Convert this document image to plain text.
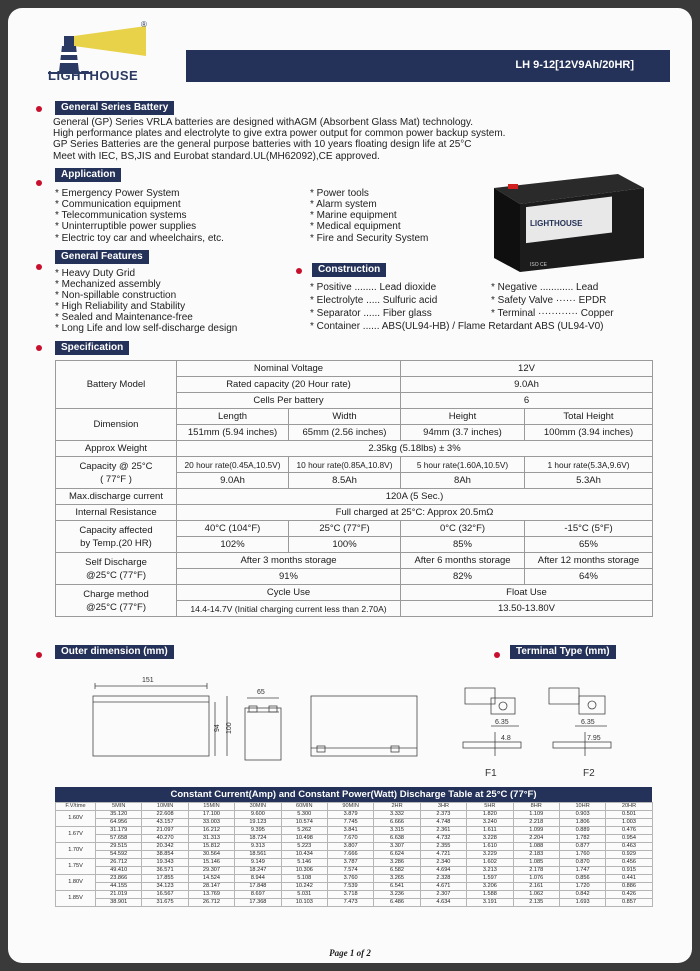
®
LIGHTHOUSE
LH 9-12[12V9Ah/20HR]
General Series Battery
General (GP) Series VRLA batteries are designed withAGM (Absorbent Glass Mat) technology.
High performance plates and electrolyte to give extra power output for common power backup system.
GP Series Batteries are the general purpose batteries with 10 years floating design life at 25°C
Meet with IEC, BS,JIS and Eurobat standard.UL(MH62092),CE approved.
Application
* Emergency Power System
* Communication equipment
* Telecommunication systems
* Uninterruptible power supplies
* Electric toy car and wheelchairs, etc.
* Power tools
* Alarm system
* Marine equipment
* Medical equipment
* Fire and Security System
LIGHTHOUSE
ISO CE
General Features
* Heavy Duty Grid
* Mechanized assembly
* Non-spillable construction
* High Reliability and Stability
* Sealed and Maintenance-free
* Long Life and low self-discharge design
Construction
* Positive ........ Lead dioxide
* Electrolyte ..... Sulfuric acid
* Separator ...... Fiber glass
* Negative ............ Lead
* Safety Valve ······ EPDR
* Terminal ············ Copper
* Container ...... ABS(UL94-HB) / Flame Retardant ABS (UL94-V0)
Specification
Battery Model	Nominal Voltage		12V	
	Rated capacity (20 Hour rate)		9.0Ah	
	Cells Per battery		6	
Dimension	Length	Width	Height	Total Height
	151mm (5.94 inches)	65mm (2.56 inches)	94mm (3.7 inches)	100mm (3.94 inches)
Approx Weight	2.35kg (5.18lbs) ± 3%			

Capacity @ 25°C
( 77°F )	20 hour rate(0.45A,10.5V)	10 hour rate(0.85A,10.8V)	5 hour rate(1.60A,10.5V)	1 hour rate(5.3A,9.6V)
	9.0Ah	8.5Ah	8Ah	5.3Ah
Max.discharge current	120A (5 Sec.)			
Internal Resistance	Full charged at 25°C: Approx 20.5mΩ			

Capacity affected
by Temp.(20 HR)	40°C (104°F)	25°C (77°F)	0°C (32°F)	-15°C (5°F)
	102%	100%	85%	65%

Self Discharge
@25°C (77°F)	After 3 months storage		After 6 months storage	After 12 months storage
	91%		82%	64%

Charge method
@25°C (77°F)	Cycle Use		Float Use	
	14.4-14.7V (Initial charging current less than 2.70A)		13.50-13.80V	
Outer dimension (mm)	Terminal Type (mm)
151
94 100
65
6.35
4.8
F1
6.35
7.95
F2
Constant Current(Amp) and Constant Power(Watt) Discharge Table at 25°C (77°F)
F.V/time	5MIN	10MIN	15MIN	30MIN	60MIN	90MIN	2HR	3HR	5HR	8HR	10HR	20HR
1.60V	35.120	22.608	17.100	9.600	5.300	3.879	3.332	2.373	1.820	1.109	0.903	0.501
	64.956	43.157	33.003	19.123	10.574	7.745	6.666	4.748	3.240	2.218	1.806	1.003
1.67V	31.179	21.097	16.212	9.395	5.262	3.841	3.315	2.361	1.611	1.099	0.889	0.476
	57.658	40.270	31.313	18.724	10.498	7.670	6.638	4.732	3.228	2.204	1.782	0.954
1.70V	29.515	20.342	15.812	9.313	5.223	3.807	3.307	2.355	1.610	1.088	0.877	0.463
	54.592	38.854	30.564	18.561	10.434	7.666	6.624	4.721	3.229	2.183	1.760	0.929
1.75V	26.712	19.343	15.146	9.149	5.146	3.787	3.286	2.340	1.602	1.085	0.870	0.456
	49.410	36.571	29.307	18.247	10.306	7.574	6.582	4.694	3.213	2.178	1.747	0.915
1.80V	23.866	17.855	14.524	8.944	5.108	3.760	3.265	2.328	1.597	1.076	0.856	0.441
	44.155	34.123	28.147	17.848	10.242	7.539	6.541	4.671	3.206	2.161	1.720	0.886
1.85V	21.019	16.567	13.769	8.697	5.031	3.718	3.236	2.307	1.588	1.062	0.842	0.426
	38.901	31.675	26.712	17.368	10.103	7.473	6.486	4.634	3.191	2.135	1.693	0.857
Page 1 of 2
